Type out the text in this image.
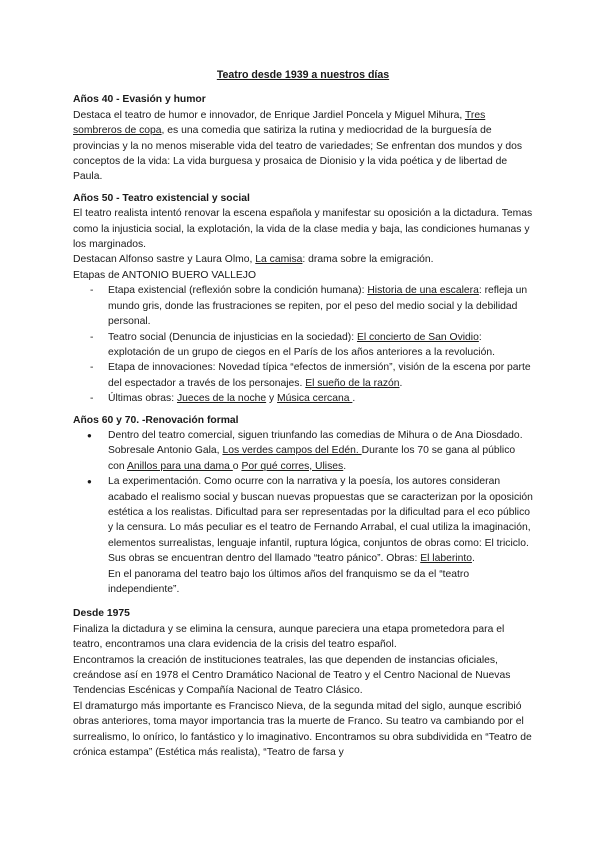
Teatro desde 1939 a nuestros días

Años 40 - Evasión y humor

Destaca el teatro de humor e innovador, de Enrique Jardiel Poncela y Miguel Mihura, Tres sombreros de copa, es una comedia que satiriza la rutina y mediocridad de la burguesía de provincias y la no menos miserable vida del teatro de variedades; Se enfrentan dos mundos y dos conceptos de la vida: La vida burguesa y prosaica de Dionisio y la vida poética y de libertad de Paula.

Años 50 - Teatro existencial y social

El teatro realista intentó renovar la escena española y manifestar su oposición a la dictadura. Temas como la injusticia social, la explotación, la vida de la clase media y baja, las condiciones humanas y los marginados.

Destacan Alfonso sastre y Laura Olmo, La camisa: drama sobre la emigración.

Etapas de ANTONIO BUERO VALLEJO

- Etapa existencial (reflexión sobre la condición humana): Historia de una escalera: refleja un mundo gris, donde las frustraciones se repiten, por el peso del medio social y la debilidad personal.
- Teatro social (Denuncia de injusticias en la sociedad): El concierto de San Ovidio: explotación de un grupo de ciegos en el París de los años anteriores a la revolución.
- Etapa de innovaciones: Novedad típica “efectos de inmersión”, visión de la escena por parte del espectador a través de los personajes. El sueño de la razón.
- Últimas obras: Jueces de la noche y Música cercana .

Años 60 y 70. -Renovación formal

● Dentro del teatro comercial, siguen triunfando las comedias de Mihura o de Ana Diosdado. Sobresale Antonio Gala, Los verdes campos del Edén. Durante los 70 se gana al público con Anillos para una dama o Por qué corres, Ulises.
● La experimentación. Como ocurre con la narrativa y la poesía, los autores consideran acabado el realismo social y buscan nuevas propuestas que se caracterizan por la oposición estética a los realistas. Dificultad para ser representadas por la dificultad para el eco público y la censura. Lo más peculiar es el teatro de Fernando Arrabal, el cual utiliza la imaginación, elementos surrealistas, lenguaje infantil, ruptura lógica, conjuntos de obras como: El triciclo. Sus obras se encuentran dentro del llamado “teatro pánico”. Obras: El laberinto.
En el panorama del teatro bajo los últimos años del franquismo se da el “teatro independiente”.

Desde 1975

Finaliza la dictadura y se elimina la censura, aunque pareciera una etapa prometedora para el teatro, encontramos una clara evidencia de la crisis del teatro español.

Encontramos la creación de instituciones teatrales, las que dependen de instancias oficiales, creándose así en 1978 el Centro Dramático Nacional de Teatro y el Centro Nacional de Nuevas Tendencias Escénicas y Compañía Nacional de Teatro Clásico.

El dramaturgo más importante es Francisco Nieva, de la segunda mitad del siglo, aunque escribió obras anteriores, toma mayor importancia tras la muerte de Franco. Su teatro va cambiando por el surrealismo, lo onírico, lo fantástico y lo imaginativo. Encontramos su obra subdividida en “Teatro de crónica estampa” (Estética más realista), “Teatro de farsa y
